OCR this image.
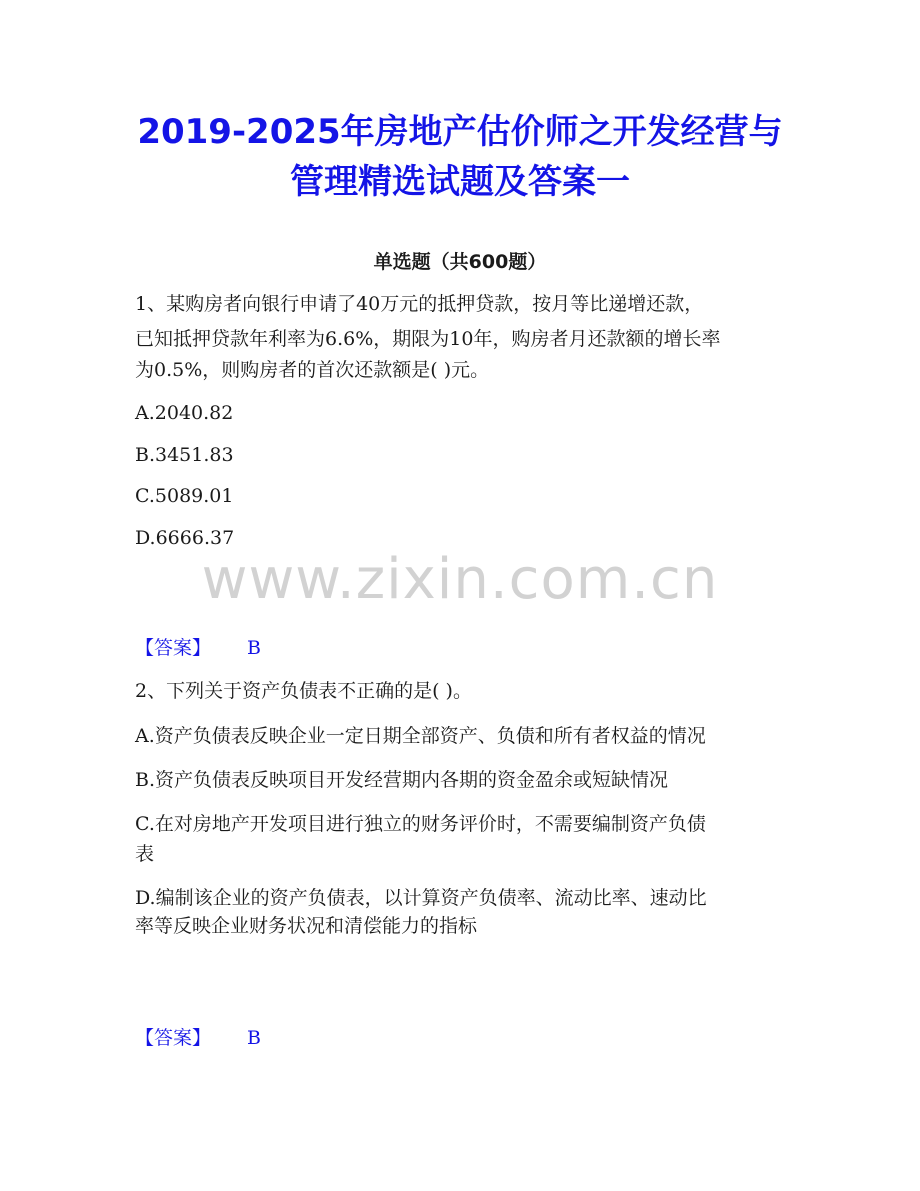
2019-2025年房地产估价师之开发经营与
管理精选试题及答案一
单选题（共600题）
1、某购房者向银行申请了40万元的抵押贷款，按月等比递增还款，
已知抵押贷款年利率为6.6%，期限为10年，购房者月还款额的增长率
为0.5%，则购房者的首次还款额是( )元。
A.2040.82
B.3451.83
C.5089.01
D.6666.37
www.zixin.com.cn
【答案】 B
2、下列关于资产负债表不正确的是( )。
A.资产负债表反映企业一定日期全部资产、负债和所有者权益的情况
B.资产负债表反映项目开发经营期内各期的资金盈余或短缺情况
C.在对房地产开发项目进行独立的财务评价时，不需要编制资产负债
表
D.编制该企业的资产负债表，以计算资产负债率、流动比率、速动比
率等反映企业财务状况和清偿能力的指标
【答案】 B
